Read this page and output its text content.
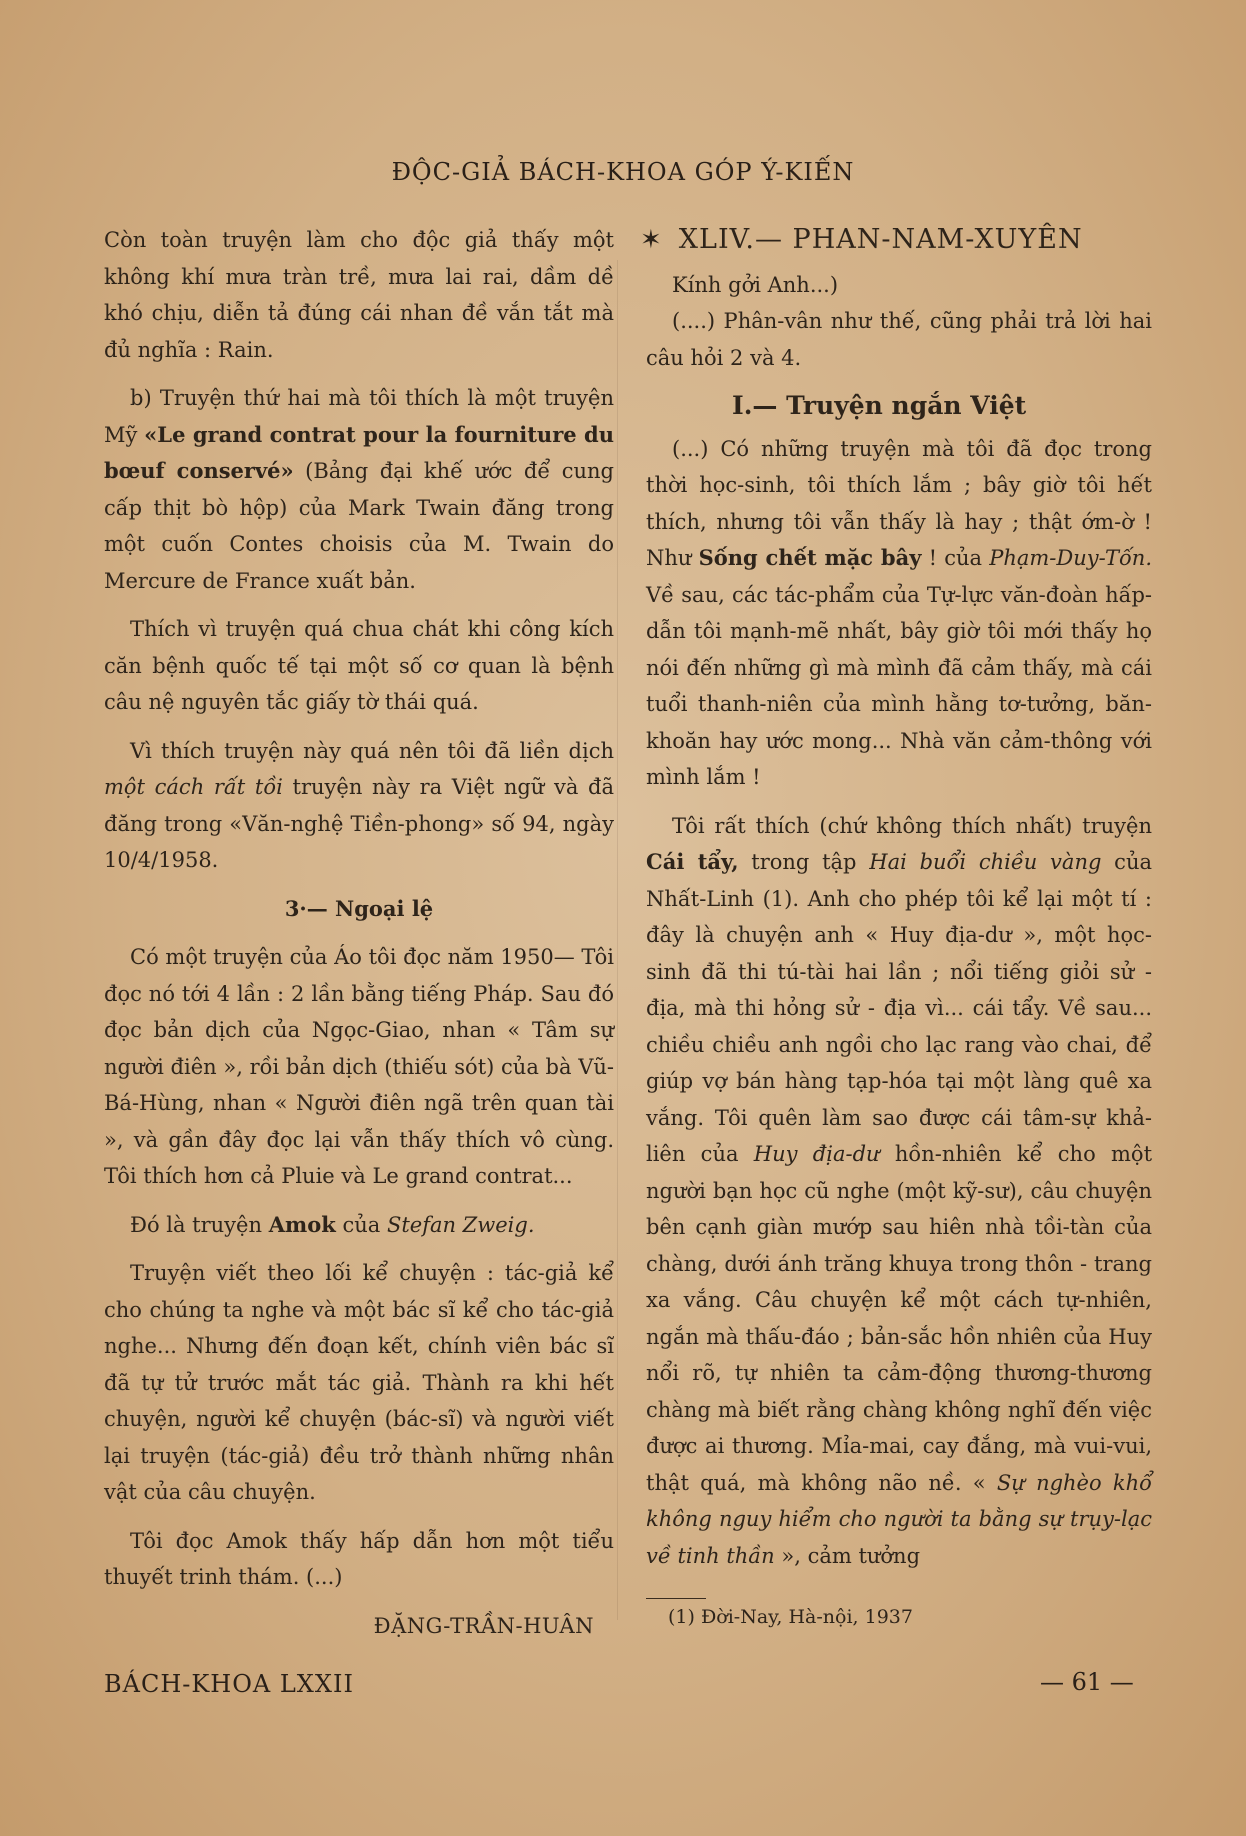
ĐỘC-GIẢ BÁCH-KHOA GÓP Ý-KIẾN

Còn toàn truyện làm cho độc giả thấy một không khí mưa tràn trề, mưa lai rai, dầm dề khó chịu, diễn tả đúng cái nhan đề vắn tắt mà đủ nghĩa : Rain.

b) Truyện thứ hai mà tôi thích là một truyện Mỹ «Le grand contrat pour la fourniture du bœuf conservé» (Bảng đại khế ước để cung cấp thịt bò hộp) của Mark Twain đăng trong một cuốn Contes choisis của M. Twain do Mercure de France xuất bản.

Thích vì truyện quá chua chát khi công kích căn bệnh quốc tế tại một số cơ quan là bệnh câu nệ nguyên tắc giấy tờ thái quá.

Vì thích truyện này quá nên tôi đã liền dịch một cách rất tồi truyện này ra Việt ngữ và đã đăng trong «Văn-nghệ Tiền-phong» số 94, ngày 10/4/1958.

3·— Ngoại lệ

Có một truyện của Áo tôi đọc năm 1950— Tôi đọc nó tới 4 lần : 2 lần bằng tiếng Pháp. Sau đó đọc bản dịch của Ngọc-Giao, nhan « Tâm sự người điên », rồi bản dịch (thiếu sót) của bà Vũ-Bá-Hùng, nhan « Người điên ngã trên quan tài », và gần đây đọc lại vẫn thấy thích vô cùng. Tôi thích hơn cả Pluie và Le grand contrat...

Đó là truyện Amok của Stefan Zweig.

Truyện viết theo lối kể chuyện : tác-giả kể cho chúng ta nghe và một bác sĩ kể cho tác-giả nghe... Nhưng đến đoạn kết, chính viên bác sĩ đã tự tử trước mắt tác giả. Thành ra khi hết chuyện, người kể chuyện (bác-sĩ) và người viết lại truyện (tác-giả) đều trở thành những nhân vật của câu chuyện.

Tôi đọc Amok thấy hấp dẫn hơn một tiểu thuyết trinh thám. (...)

ĐẶNG-TRẦN-HUÂN
✶ XLIV.— PHAN-NAM-XUYÊN

Kính gởi Anh...)

(....) Phân-vân như thế, cũng phải trả lời hai câu hỏi 2 và 4.

I.— Truyện ngắn Việt

(...) Có những truyện mà tôi đã đọc trong thời học-sinh, tôi thích lắm ; bây giờ tôi hết thích, nhưng tôi vẫn thấy là hay ; thật ớm-ờ ! Như Sống chết mặc bây ! của Phạm-Duy-Tốn. Về sau, các tác-phẩm của Tự-lực văn-đoàn hấp-dẫn tôi mạnh-mẽ nhất, bây giờ tôi mới thấy họ nói đến những gì mà mình đã cảm thấy, mà cái tuổi thanh-niên của mình hằng tơ-tưởng, băn-khoăn hay ước mong... Nhà văn cảm-thông với mình lắm !

Tôi rất thích (chứ không thích nhất) truyện Cái tẩy, trong tập Hai buổi chiều vàng của Nhất-Linh (1). Anh cho phép tôi kể lại một tí : đây là chuyện anh « Huy địa-dư », một học-sinh đã thi tú-tài hai lần ; nổi tiếng giỏi sử - địa, mà thi hỏng sử - địa vì... cái tẩy. Về sau... chiều chiều anh ngồi cho lạc rang vào chai, để giúp vợ bán hàng tạp-hóa tại một làng quê xa vắng. Tôi quên làm sao được cái tâm-sự khả-liên của Huy địa-dư hồn-nhiên kể cho một người bạn học cũ nghe (một kỹ-sư), câu chuyện bên cạnh giàn mướp sau hiên nhà tồi-tàn của chàng, dưới ánh trăng khuya trong thôn - trang xa vắng. Câu chuyện kể một cách tự-nhiên, ngắn mà thấu-đáo ; bản-sắc hồn nhiên của Huy nổi rõ, tự nhiên ta cảm-động thương-thương chàng mà biết rằng chàng không nghĩ đến việc được ai thương. Mỉa-mai, cay đắng, mà vui-vui, thật quá, mà không não nề. « Sự nghèo khổ không nguy hiểm cho người ta bằng sự trụy-lạc về tinh thần », cảm tưởng

(1) Đời-Nay, Hà-nội, 1937
BÁCH-KHOA LXXII	— 61 —
